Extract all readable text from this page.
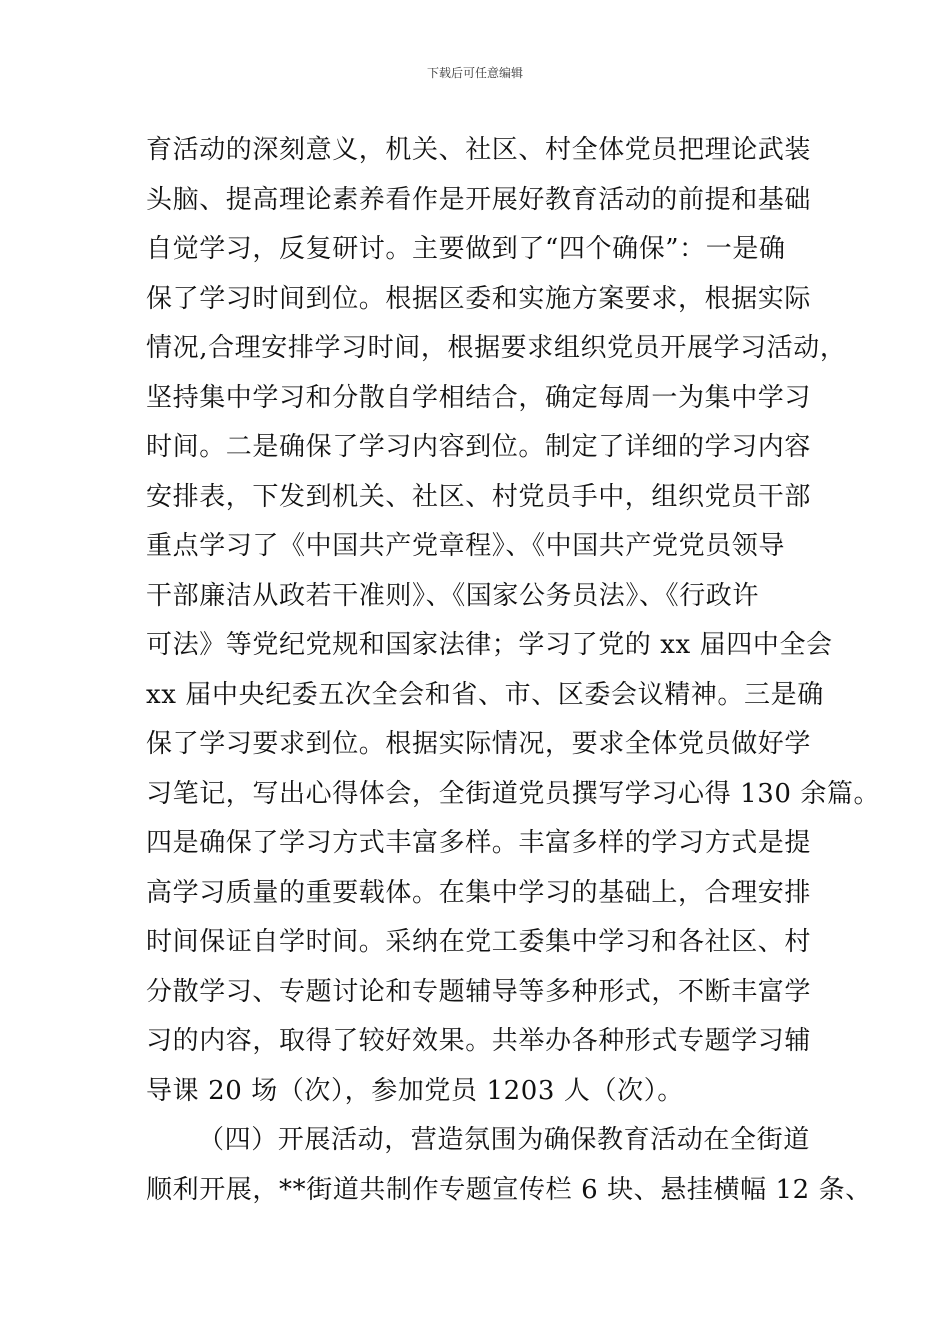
下载后可任意编辑
育活动的深刻意义，机关、社区、村全体党员把理论武装
头脑、提高理论素养看作是开展好教育活动的前提和基础
自觉学习，反复研讨。主要做到了“四个确保”：一是确
保了学习时间到位。根据区委和实施方案要求，根据实际
情况,合理安排学习时间，根据要求组织党员开展学习活动，
坚持集中学习和分散自学相结合，确定每周一为集中学习
时间。二是确保了学习内容到位。制定了详细的学习内容
安排表，下发到机关、社区、村党员手中，组织党员干部
重点学习了《中国共产党章程》、《中国共产党党员领导
干部廉洁从政若干准则》、《国家公务员法》、《行政许
可法》等党纪党规和国家法律；学习了党的 xx 届四中全会
xx 届中央纪委五次全会和省、市、区委会议精神。三是确
保了学习要求到位。根据实际情况，要求全体党员做好学
习笔记，写出心得体会，全街道党员撰写学习心得 130 余篇。
四是确保了学习方式丰富多样。丰富多样的学习方式是提
高学习质量的重要载体。在集中学习的基础上，合理安排
时间保证自学时间。采纳在党工委集中学习和各社区、村
分散学习、专题讨论和专题辅导等多种形式，不断丰富学
习的内容，取得了较好效果。共举办各种形式专题学习辅
导课 20 场（次），参加党员 1203 人（次）。
（四）开展活动，营造氛围为确保教育活动在全街道
顺利开展，**街道共制作专题宣传栏 6 块、悬挂横幅 12 条、
